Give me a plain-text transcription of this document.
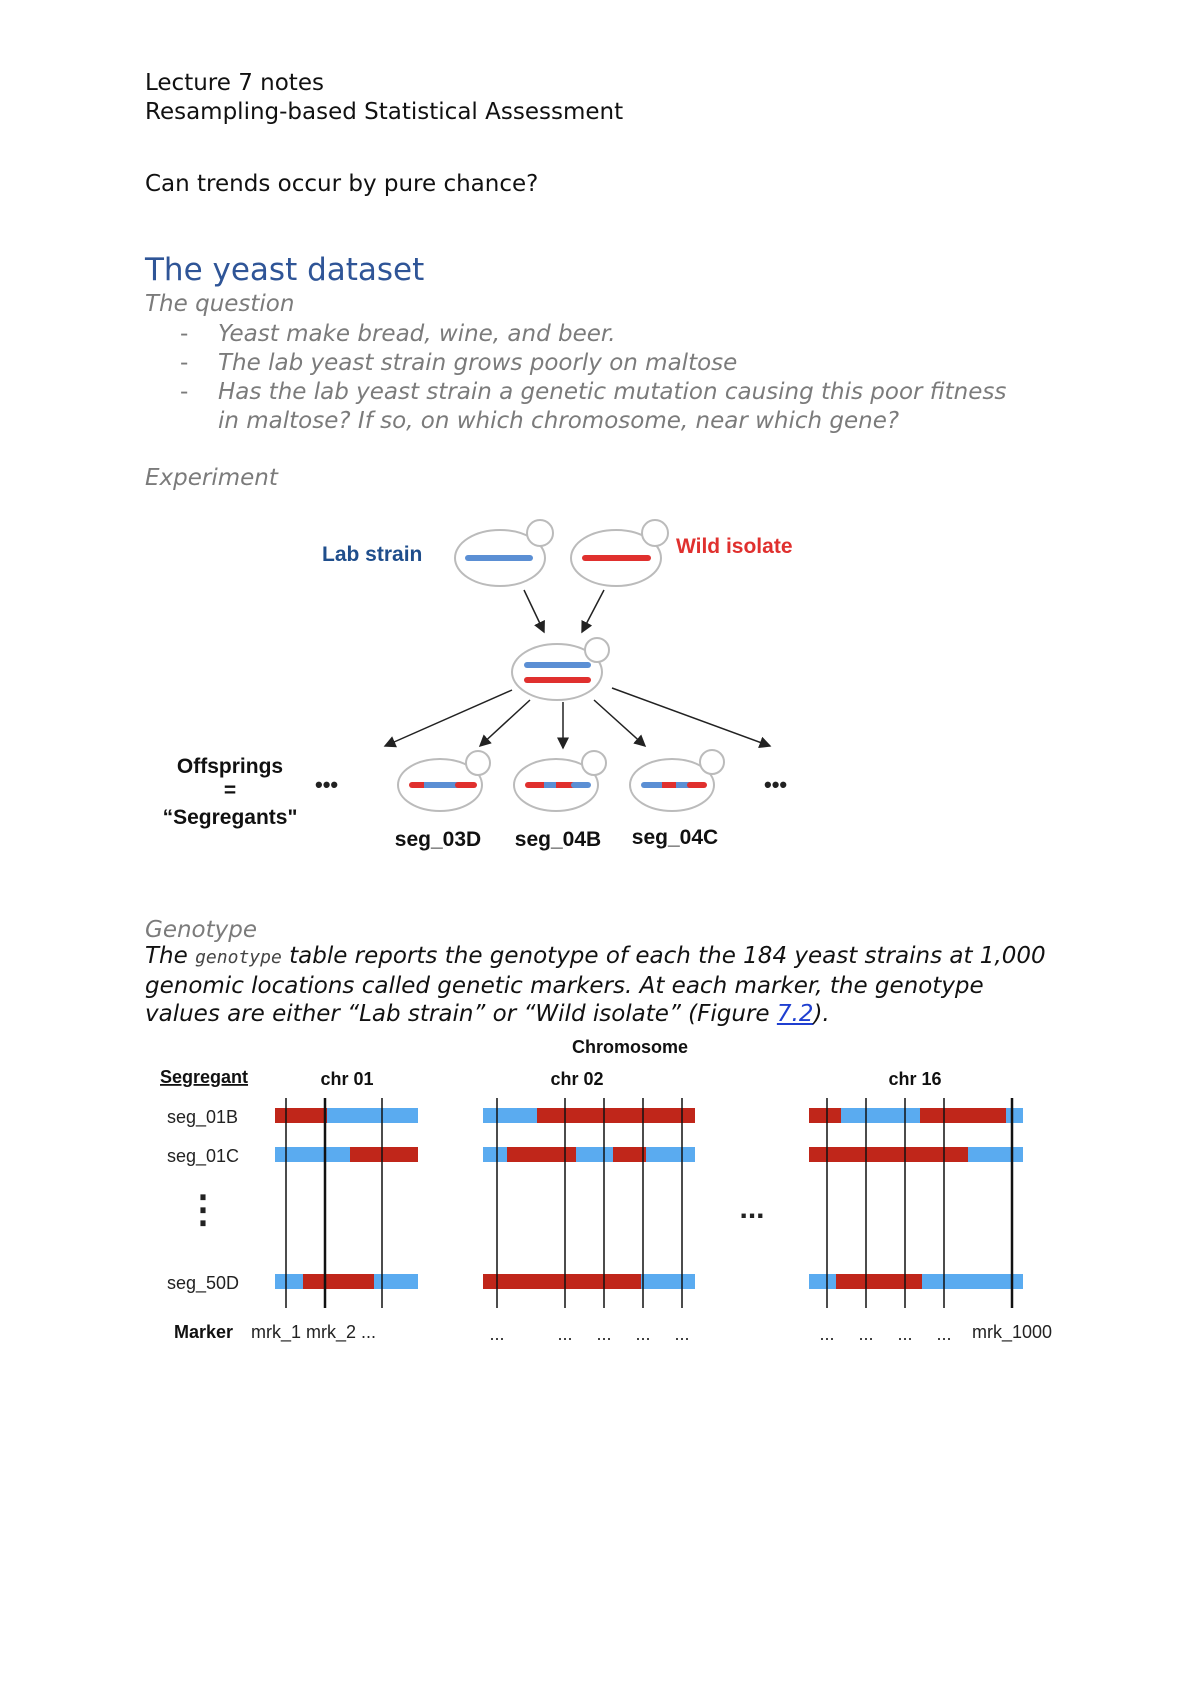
Lecture 7 notes
Resampling-based Statistical Assessment
Can trends occur by pure chance?
The yeast dataset
The question
- Yeast make bread, wine, and beer.
- The lab yeast strain grows poorly on maltose
- Has the lab yeast strain a genetic mutation causing this poor fitness
in maltose? If so, on which chromosome, near which gene?
Experiment
Lab strain	Wild isolate
•••	•••
Offsprings
=
“Segregants"
seg_03D seg_04B seg_04C
Genotype
The genotype table reports the genotype of each the 184 yeast strains at 1,000 genomic locations called genetic markers. At each marker, the genotype values are either “Lab strain” or “Wild isolate” (Figure 7.2).
Chromosome
Segregant	chr 01	chr 02	chr 16
seg_01B
seg_01C
seg_50D
⋮	...
Marker mrk_1 mrk_2 ...	...	... ... ... ...	... ... ... ... mrk_1000
